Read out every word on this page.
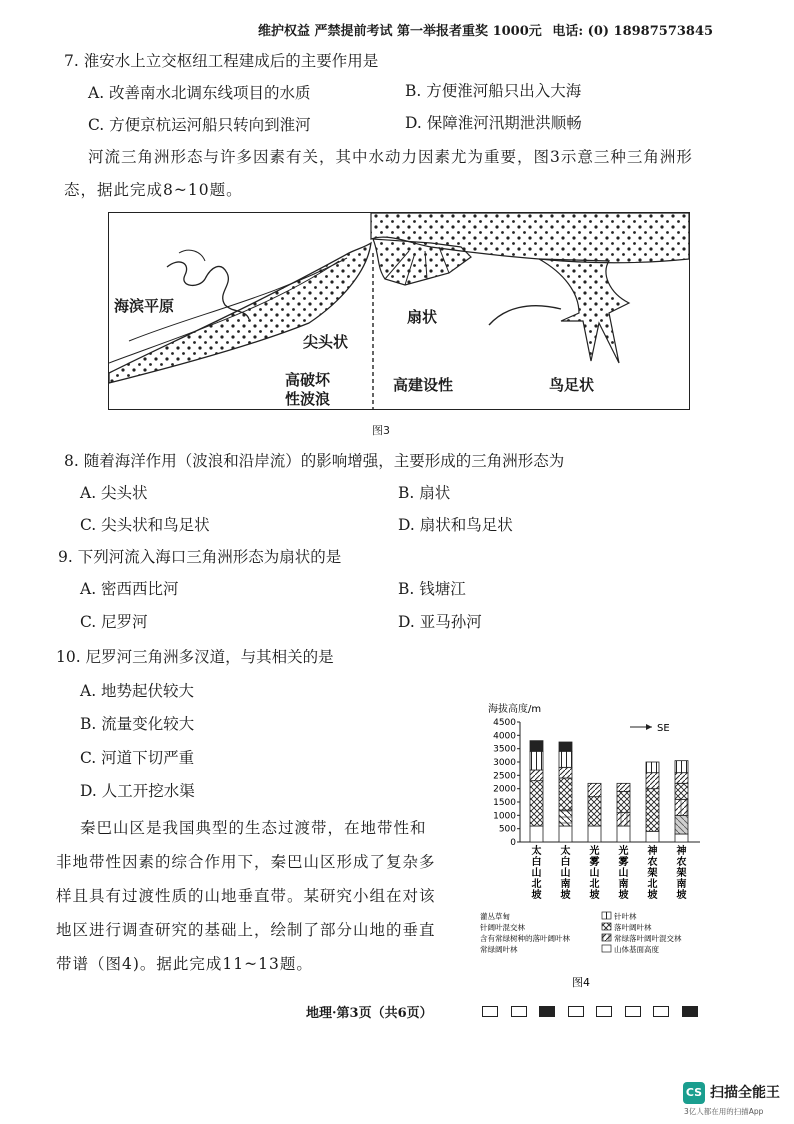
维护权益 严禁提前考试 第一举报者重奖 1000元 电话: (0) 18987573845
7. 淮安水上立交枢纽工程建成后的主要作用是
A. 改善南水北调东线项目的水质	B. 方便淮河船只出入大海
C. 方便京杭运河船只转向到淮河	D. 保障淮河汛期泄洪顺畅
河流三角洲形态与许多因素有关，其中水动力因素尤为重要，图3示意三种三角洲形
态，据此完成8~10题。
海滨平原
尖头状
高破坏
性波浪
扇状
高建设性	鸟足状
图3
8. 随着海洋作用（波浪和沿岸流）的影响增强，主要形成的三角洲形态为
A. 尖头状	B. 扇状
C. 尖头状和鸟足状	D. 扇状和鸟足状
9. 下列河流入海口三角洲形态为扇状的是
A. 密西西比河	B. 钱塘江
C. 尼罗河	D. 亚马孙河
10. 尼罗河三角洲多汊道，与其相关的是
A. 地势起伏较大
B. 流量变化较大
C. 河道下切严重
D. 人工开挖水渠
秦巴山区是我国典型的生态过渡带，在地带性和
非地带性因素的综合作用下，秦巴山区形成了复杂多
样且具有过渡性质的山地垂直带。某研究小组在对该
地区进行调查研究的基础上，绘制了部分山地的垂直
带谱（图4)。据此完成11~13题。
海拔高度/m
0
500
1000
1500
2000
2500
3000
3500
4000
4500
太白山北坡
太白山南坡
光雾山北坡
光雾山南坡
神农架北坡
神农架南坡
SE
灌丛草甸
针阔叶混交林
含有常绿树种的落叶阔叶林
常绿阔叶林
针叶林
落叶阔叶林
常绿落叶阔叶混交林
山体基面高度
图4
地理·第3页（共6页）
CS 扫描全能王
3亿人都在用的扫描App
